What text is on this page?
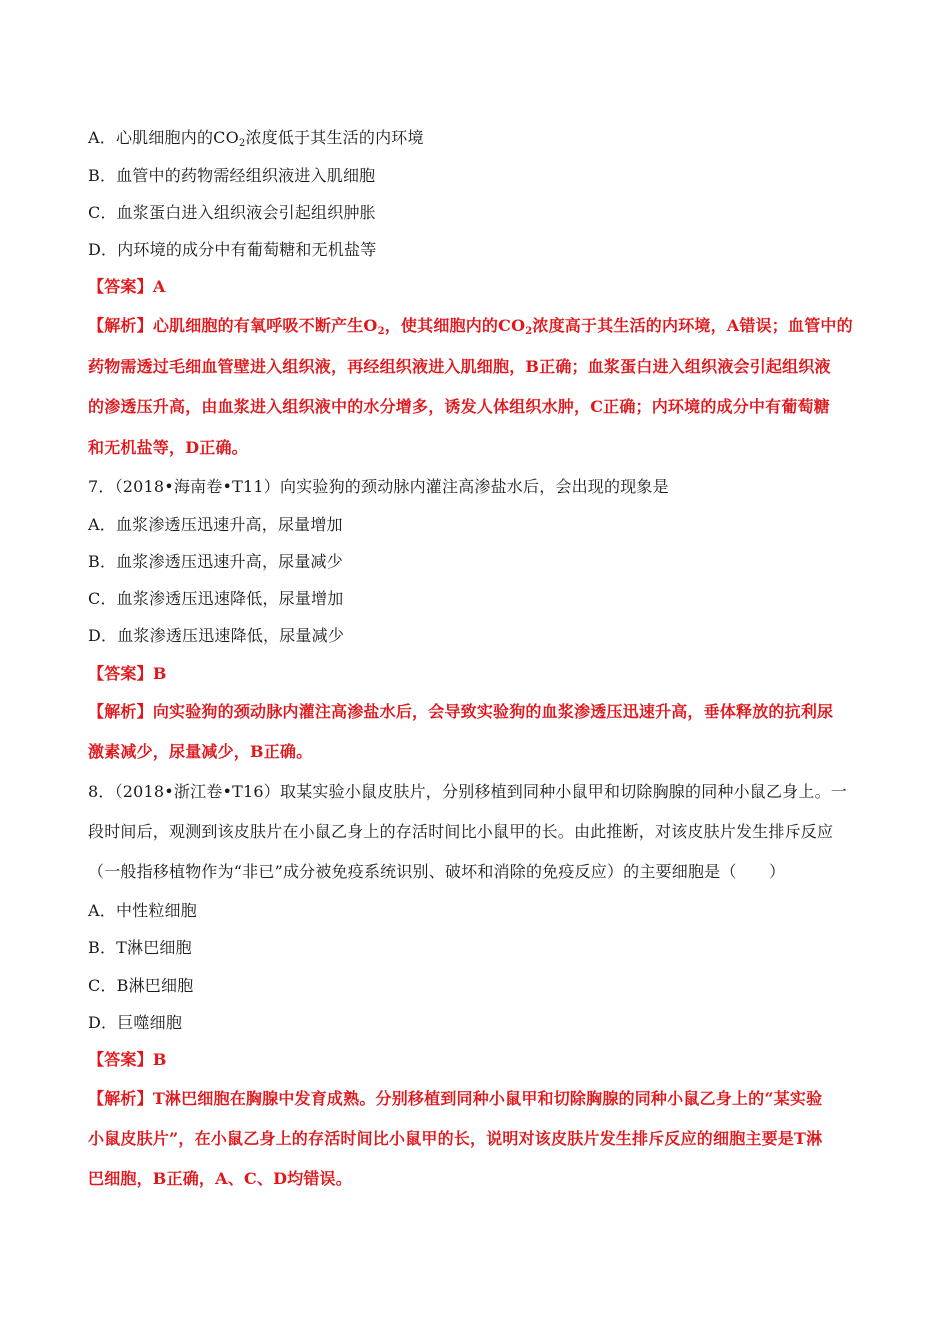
A．心肌细胞内的$CO_2$浓度低于其生活的内环境
B．血管中的药物需经组织液进入肌细胞
C．血浆蛋白进入组织液会引起组织肿胀
D．内环境的成分中有葡萄糖和无机盐等
【答案】A
【解析】心肌细胞的有氧呼吸不断产生$O_2$，使其细胞内的$CO_2$浓度高于其生活的内环境，A错误；血管中的
药物需透过毛细血管壁进入组织液，再经组织液进入肌细胞，B正确；血浆蛋白进入组织液会引起组织液
的渗透压升高，由血浆进入组织液中的水分增多，诱发人体组织水肿，C正确；内环境的成分中有葡萄糖
和无机盐等，D正确。
7．（2018•海南卷•T11）向实验狗的颈动脉内灌注高渗盐水后，会出现的现象是
A．血浆渗透压迅速升高，尿量增加
B．血浆渗透压迅速升高，尿量减少
C．血浆渗透压迅速降低，尿量增加
D．血浆渗透压迅速降低，尿量减少
【答案】B
【解析】向实验狗的颈动脉内灌注高渗盐水后，会导致实验狗的血浆渗透压迅速升高，垂体释放的抗利尿
激素减少，尿量减少，B正确。
8．（2018•浙江卷•T16）取某实验小鼠皮肤片，分别移植到同种小鼠甲和切除胸腺的同种小鼠乙身上。一
段时间后，观测到该皮肤片在小鼠乙身上的存活时间比小鼠甲的长。由此推断，对该皮肤片发生排斥反应
（一般指移植物作为“非已”成分被免疫系统识别、破坏和消除的免疫反应）的主要细胞是（　　）
A．中性粒细胞
B．T淋巴细胞
C．B淋巴细胞
D．巨噬细胞
【答案】B
【解析】T淋巴细胞在胸腺中发育成熟。分别移植到同种小鼠甲和切除胸腺的同种小鼠乙身上的“某实验
小鼠皮肤片”，在小鼠乙身上的存活时间比小鼠甲的长，说明对该皮肤片发生排斥反应的细胞主要是T淋
巴细胞，B正确，A、C、D均错误。
